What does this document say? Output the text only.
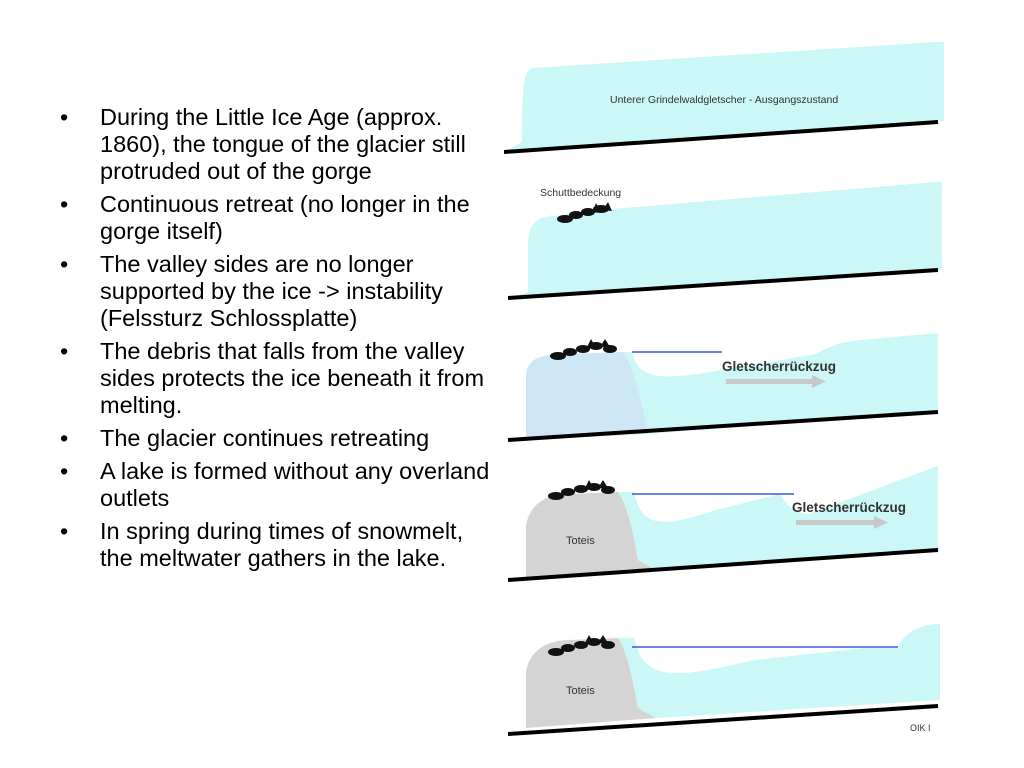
• During the Little Ice Age (approx. 1860), the tongue of the glacier still protruded out of the gorge
• Continuous retreat (no longer in the gorge itself)
• The valley sides are no longer supported by the ice -> instability (Felssturz Schlossplatte)
• The debris that falls from the valley sides protects the ice beneath it from melting.
• The glacier continues retreating
• A lake is formed without any overland outlets
• In spring during times of snowmelt, the meltwater gathers in the lake.
Unterer Grindelwaldgletscher - Ausgangszustand
Schuttbedeckung
Gletscherrückzug
Gletscherrückzug
Toteis
Toteis
OIK I
